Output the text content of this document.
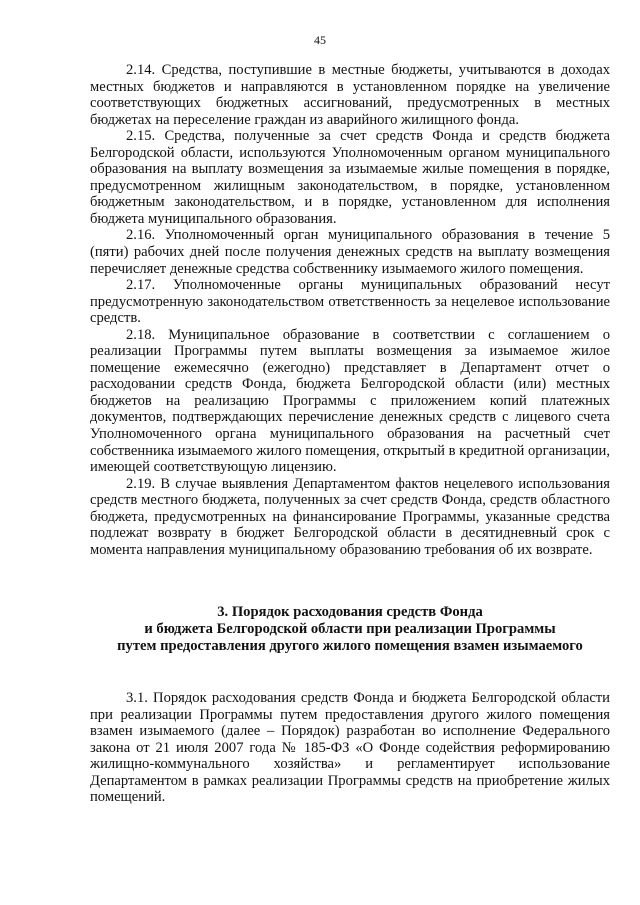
45

2.14. Средства, поступившие в местные бюджеты, учитываются в доходах местных бюджетов и направляются в установленном порядке на увеличение соответствующих бюджетных ассигнований, предусмотренных в местных бюджетах на переселение граждан из аварийного жилищного фонда.

2.15. Средства, полученные за счет средств Фонда и средств бюджета Белгородской области, используются Уполномоченным органом муниципального образования на выплату возмещения за изымаемые жилые помещения в порядке, предусмотренном жилищным законодательством, в порядке, установленном бюджетным законодательством, и в порядке, установленном для исполнения бюджета муниципального образования.

2.16. Уполномоченный орган муниципального образования в течение 5 (пяти) рабочих дней после получения денежных средств на выплату возмещения перечисляет денежные средства собственнику изымаемого жилого помещения.

2.17. Уполномоченные органы муниципальных образований несут предусмотренную законодательством ответственность за нецелевое использование средств.

2.18. Муниципальное образование в соответствии с соглашением о реализации Программы путем выплаты возмещения за изымаемое жилое помещение ежемесячно (ежегодно) представляет в Департамент отчет о расходовании средств Фонда, бюджета Белгородской области (или) местных бюджетов на реализацию Программы с приложением копий платежных документов, подтверждающих перечисление денежных средств с лицевого счета Уполномоченного органа муниципального образования на расчетный счет собственника изымаемого жилого помещения, открытый в кредитной организации, имеющей соответствующую лицензию.

2.19. В случае выявления Департаментом фактов нецелевого использования средств местного бюджета, полученных за счет средств Фонда, средств областного бюджета, предусмотренных на финансирование Программы, указанные средства подлежат возврату в бюджет Белгородской области в десятидневный срок с момента направления муниципальному образованию требования об их возврате.

3. Порядок расходования средств Фонда
и бюджета Белгородской области при реализации Программы
путем предоставления другого жилого помещения взамен изымаемого

3.1. Порядок расходования средств Фонда и бюджета Белгородской области при реализации Программы путем предоставления другого жилого помещения взамен изымаемого (далее – Порядок) разработан во исполнение Федерального закона от 21 июля 2007 года № 185-ФЗ «О Фонде содействия реформированию жилищно-коммунального хозяйства» и регламентирует использование Департаментом в рамках реализации Программы средств на приобретение жилых помещений.
